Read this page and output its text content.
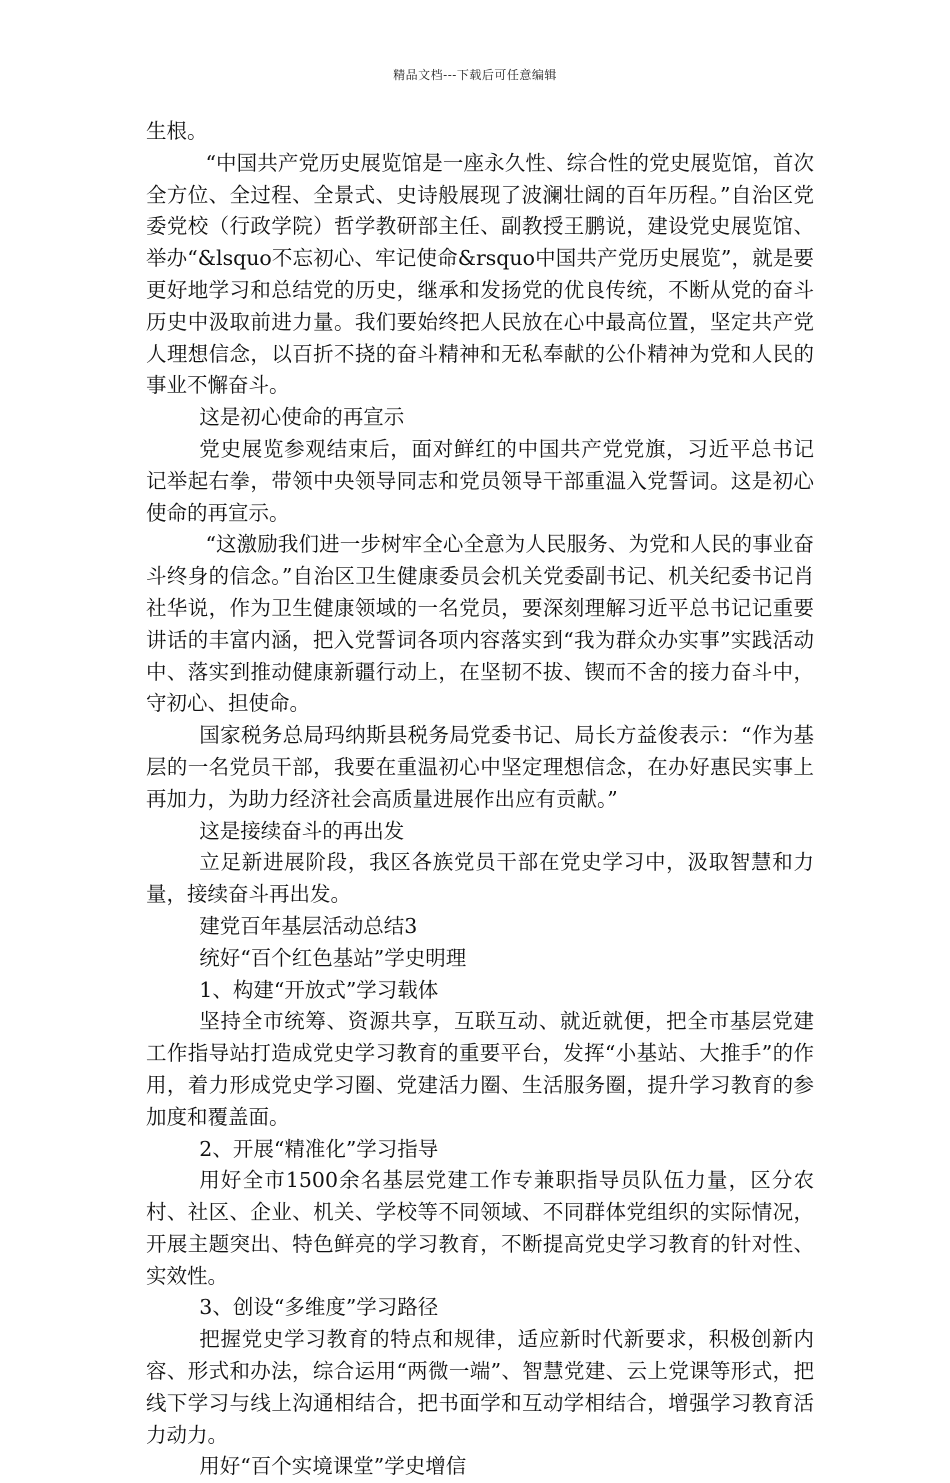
精品文档---下载后可任意编辑

生根。

“中国共产党历史展览馆是一座永久性、综合性的党史展览馆，首次全方位、全过程、全景式、史诗般展现了波澜壮阔的百年历程。”自治区党委党校（行政学院）哲学教研部主任、副教授王鹏说，建设党史展览馆、举办“&lsquo不忘初心、牢记使命&rsquo中国共产党历史展览”，就是要更好地学习和总结党的历史，继承和发扬党的优良传统，不断从党的奋斗历史中汲取前进力量。我们要始终把人民放在心中最高位置，坚定共产党人理想信念，以百折不挠的奋斗精神和无私奉献的公仆精神为党和人民的事业不懈奋斗。

这是初心使命的再宣示

党史展览参观结束后，面对鲜红的中国共产党党旗，习近平总书记记举起右拳，带领中央领导同志和党员领导干部重温入党誓词。这是初心使命的再宣示。

“这激励我们进一步树牢全心全意为人民服务、为党和人民的事业奋斗终身的信念。”自治区卫生健康委员会机关党委副书记、机关纪委书记肖社华说，作为卫生健康领域的一名党员，要深刻理解习近平总书记记重要讲话的丰富内涵，把入党誓词各项内容落实到“我为群众办实事”实践活动中、落实到推动健康新疆行动上，在坚韧不拔、锲而不舍的接力奋斗中，守初心、担使命。

国家税务总局玛纳斯县税务局党委书记、局长方益俊表示：“作为基层的一名党员干部，我要在重温初心中坚定理想信念，在办好惠民实事上再加力，为助力经济社会高质量进展作出应有贡献。”

这是接续奋斗的再出发

立足新进展阶段，我区各族党员干部在党史学习中，汲取智慧和力量，接续奋斗再出发。

建党百年基层活动总结3

统好“百个红色基站”学史明理

1、构建“开放式”学习载体

坚持全市统筹、资源共享，互联互动、就近就便，把全市基层党建工作指导站打造成党史学习教育的重要平台，发挥“小基站、大推手”的作用，着力形成党史学习圈、党建活力圈、生活服务圈，提升学习教育的参加度和覆盖面。

2、开展“精准化”学习指导

用好全市1500余名基层党建工作专兼职指导员队伍力量，区分农村、社区、企业、机关、学校等不同领域、不同群体党组织的实际情况，开展主题突出、特色鲜亮的学习教育，不断提高党史学习教育的针对性、实效性。

3、创设“多维度”学习路径

把握党史学习教育的特点和规律，适应新时代新要求，积极创新内容、形式和办法，综合运用“两微一端”、智慧党建、云上党课等形式，把线下学习与线上沟通相结合，把书面学和互动学相结合，增强学习教育活力动力。

用好“百个实境课堂”学史增信
